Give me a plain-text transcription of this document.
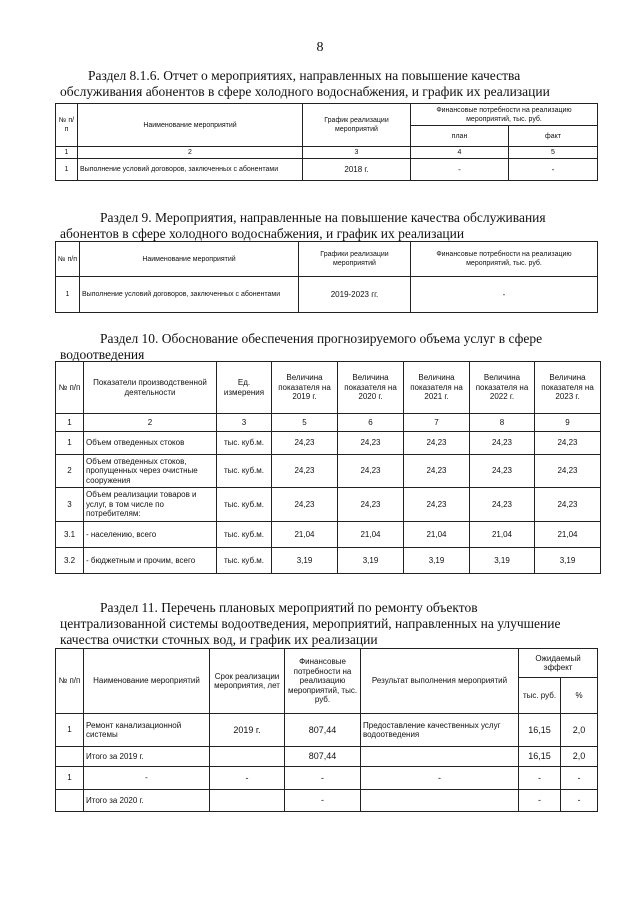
8
Раздел 8.1.6. Отчет о мероприятиях, направленных на повышение качества
обслуживания абонентов в сфере холодного водоснабжения, и график их реализации
№ п/п	Наименование мероприятий	График реализации мероприятий	Финансовые потребности на реализацию мероприятий, тыс. руб.	
			план	факт
1	2	3	4	5
1	Выполнение условий договоров, заключенных с абонентами	2018 г.	-	-
Раздел 9. Мероприятия, направленные на повышение качества обслуживания
абонентов в сфере холодного водоснабжения, и график их реализации
№ п/п	Наименование мероприятий	Графики реализации мероприятий	Финансовые потребности на реализацию мероприятий, тыс. руб.
1	Выполнение условий договоров, заключенных с абонентами	2019-2023 гг.	-
Раздел 10. Обоснование обеспечения прогнозируемого объема услуг в сфере
водоотведения
№ п/п	Показатели производственной деятельности	Ед. измерения	Величина показателя на 2019 г.	Величина показателя на 2020 г.	Величина показателя на 2021 г.	Величина показателя на 2022 г.	Величина показателя на 2023 г.
1	2	3	5	6	7	8	9
1	Объем отведенных стоков	тыс. куб.м.	24,23	24,23	24,23	24,23	24,23
2	Объем отведенных стоков, пропущенных через очистные сооружения	тыс. куб.м.	24,23	24,23	24,23	24,23	24,23
3	Объем реализации товаров и услуг, в том числе по потребителям:	тыс. куб.м.	24,23	24,23	24,23	24,23	24,23
3.1	- населению, всего	тыс. куб.м.	21,04	21,04	21,04	21,04	21,04
3.2	- бюджетным и прочим, всего	тыс. куб.м.	3,19	3,19	3,19	3,19	3,19
Раздел 11. Перечень плановых мероприятий по ремонту объектов
централизованной системы водоотведения, мероприятий, направленных на улучшение
качества очистки сточных вод, и график их реализации
№ п/п	Наименование мероприятий	Срок реализации мероприятия, лет	Финансовые потребности на реализацию мероприятий, тыс. руб.	Результат выполнения мероприятий	Ожидаемый эффект	
					тыс. руб.	%
1	Ремонт канализационной системы	2019 г.	807,44	Предоставление качественных услуг водоотведения	16,15	2,0
	Итого за 2019 г.		807,44		16,15	2,0
1	-	-	-	-	-	-
	Итого за 2020 г.		-		-	-
